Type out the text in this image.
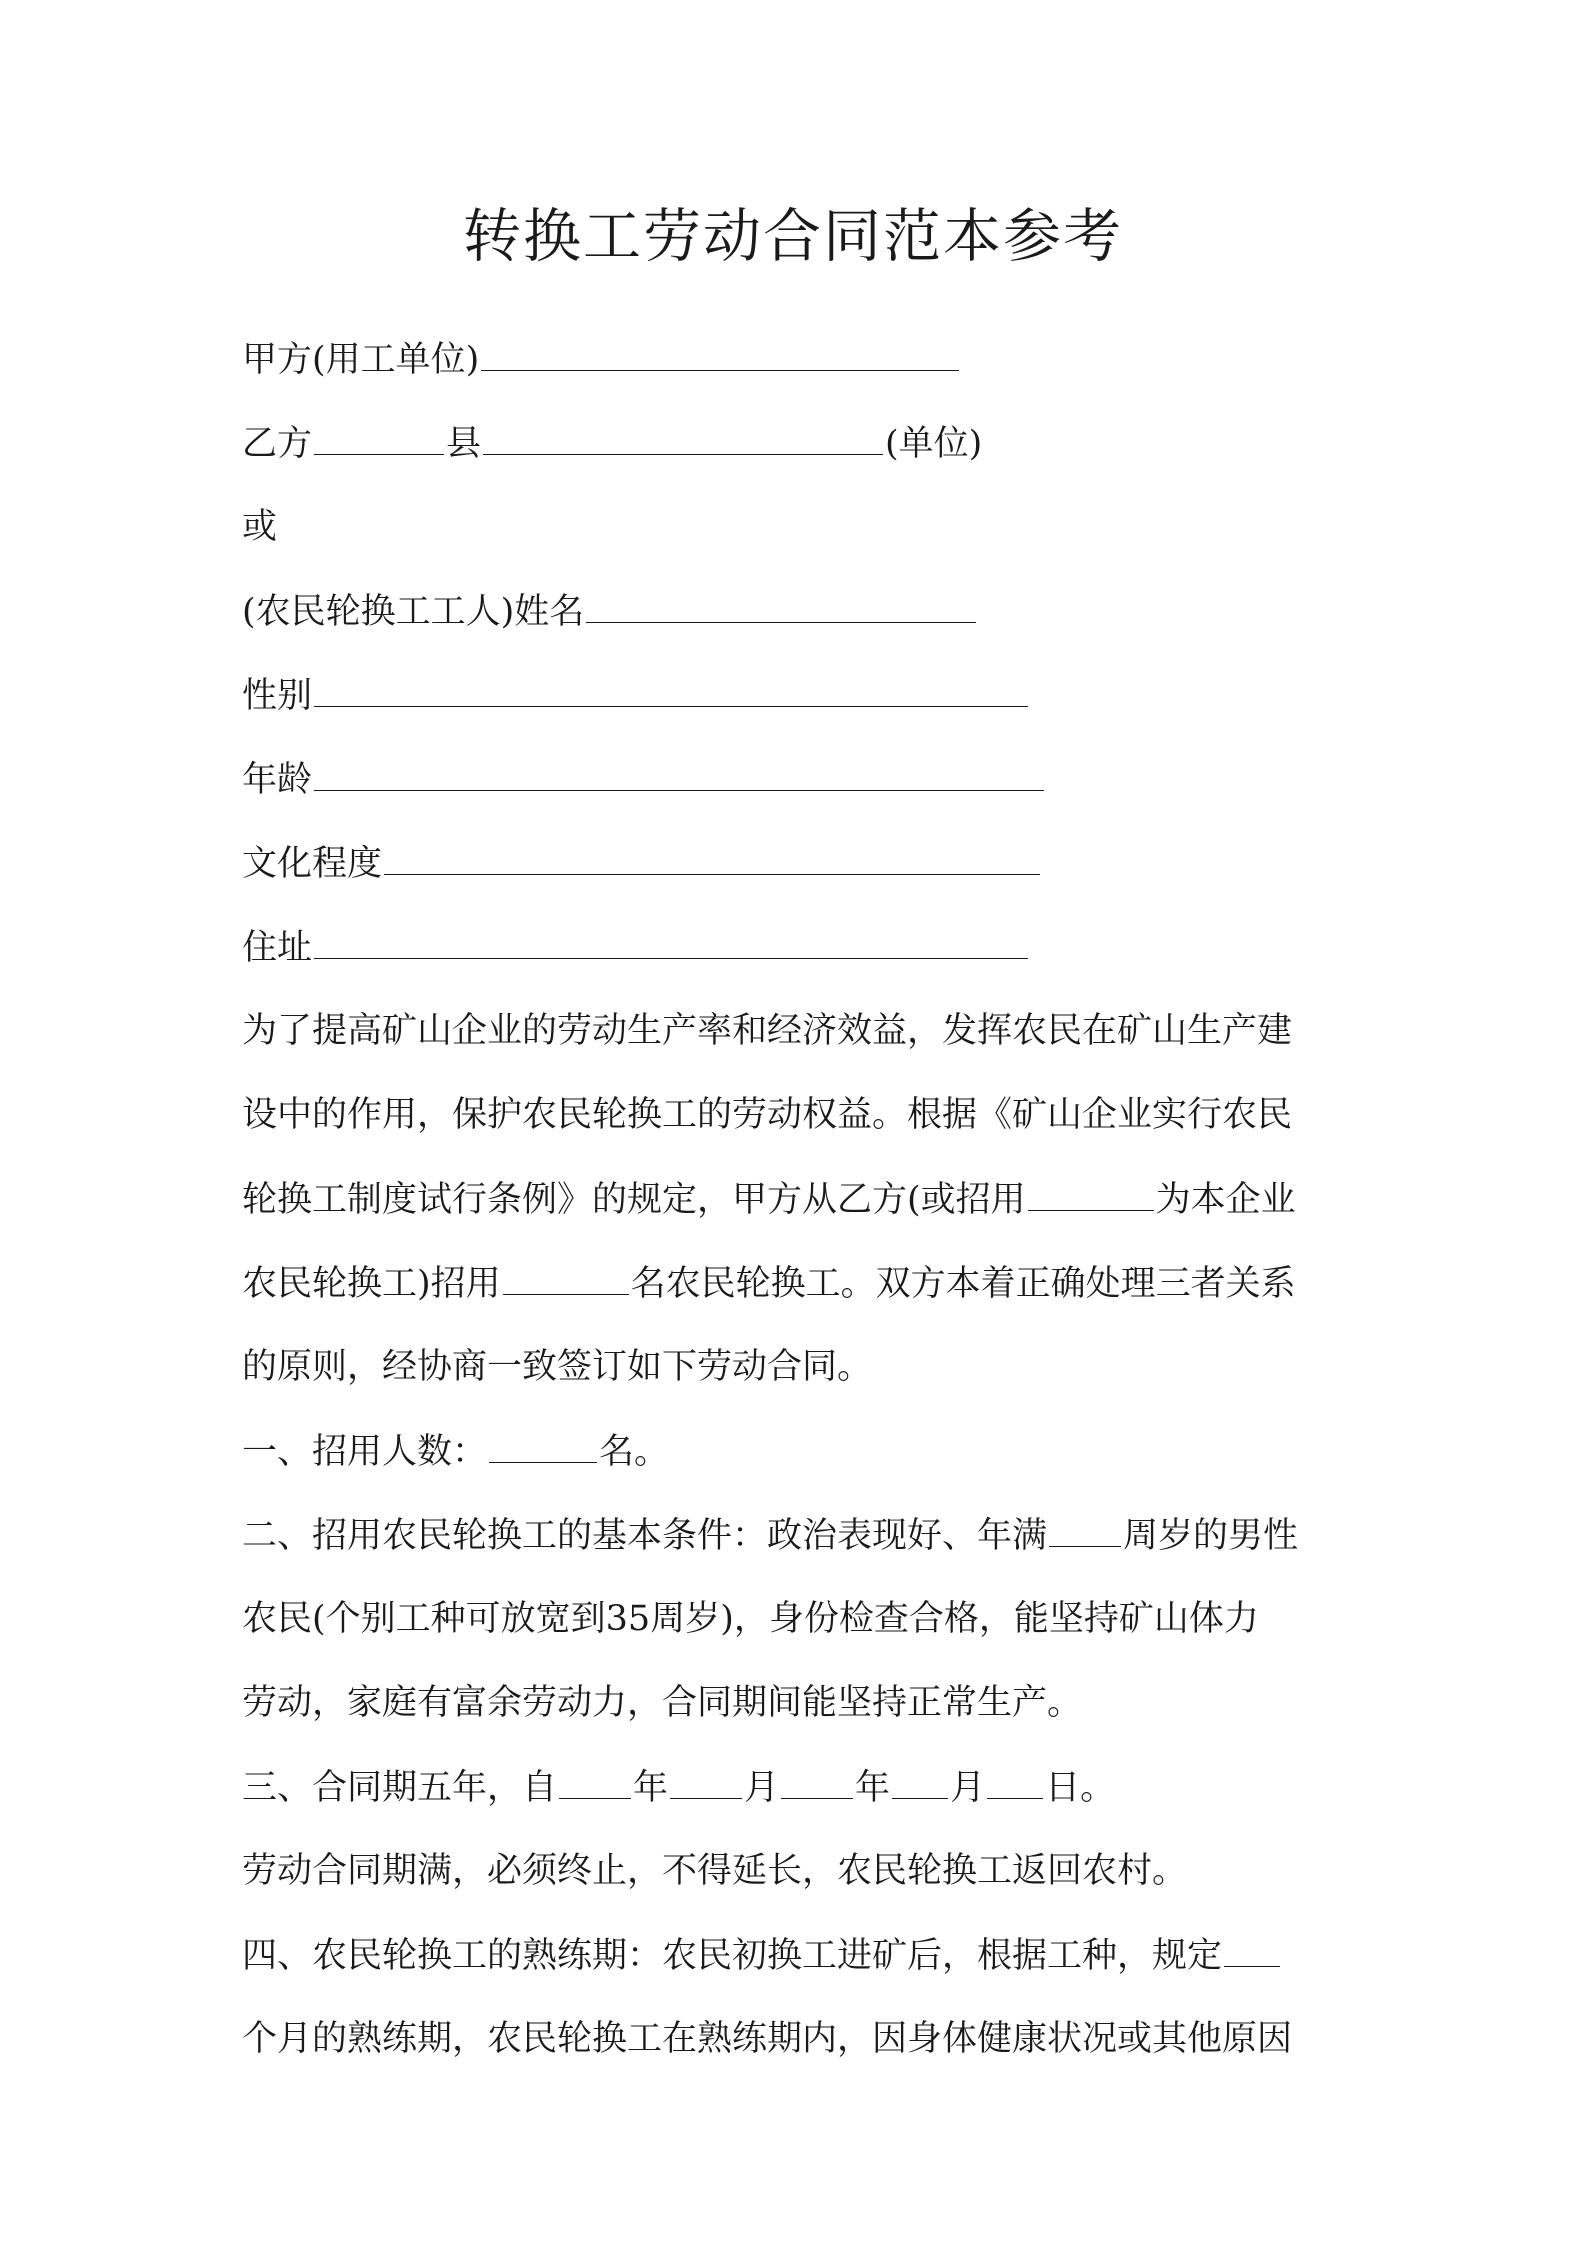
转换工劳动合同范本参考
甲方(用工单位)
乙方	县	(单位)
或
(农民轮换工工人)姓名
性别
年龄
文化程度
住址
为了提高矿山企业的劳动生产率和经济效益，发挥农民在矿山生产建
设中的作用，保护农民轮换工的劳动权益。根据《矿山企业实行农民
轮换工制度试行条例》的规定，甲方从乙方(或招用	为本企业
农民轮换工)招用	名农民轮换工。双方本着正确处理三者关系
的原则，经协商一致签订如下劳动合同。
一、招用人数：	名。
二、招用农民轮换工的基本条件：政治表现好、年满 周岁的男性
农民(个别工种可放宽到35周岁)，身份检查合格，能坚持矿山体力
劳动，家庭有富余劳动力，合同期间能坚持正常生产。
三、合同期五年，自 年 月 年 月 日。
劳动合同期满，必须终止，不得延长，农民轮换工返回农村。
四、农民轮换工的熟练期：农民初换工进矿后，根据工种，规定
个月的熟练期，农民轮换工在熟练期内，因身体健康状况或其他原因
